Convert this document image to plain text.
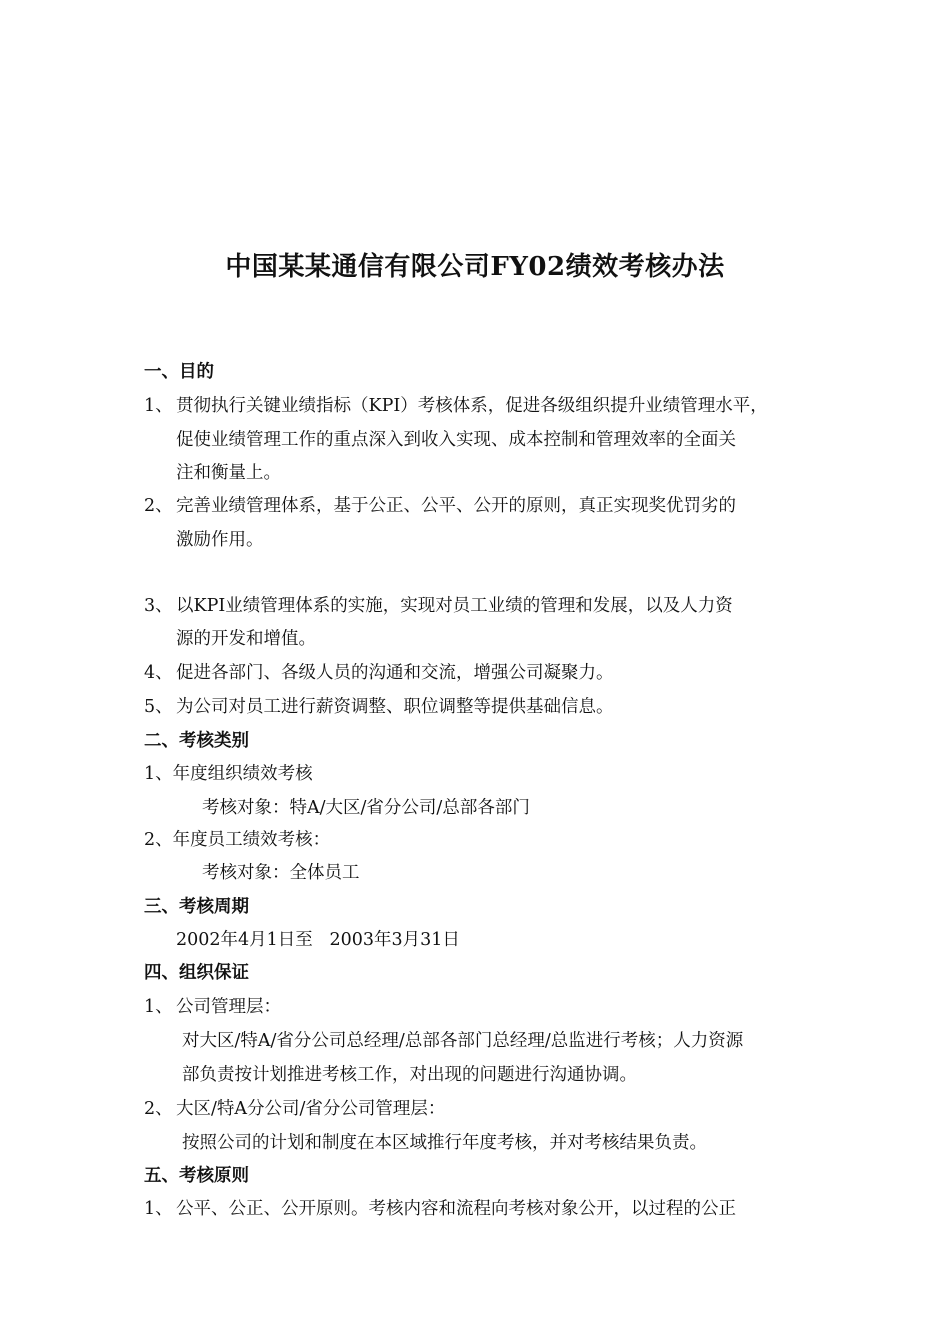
中国某某通信有限公司FY02绩效考核办法

一、目的

1、 贯彻执行关键业绩指标（KPI）考核体系，促进各级组织提升业绩管理水平，

促使业绩管理工作的重点深入到收入实现、成本控制和管理效率的全面关

注和衡量上。

2、 完善业绩管理体系，基于公正、公平、公开的原则，真正实现奖优罚劣的

激励作用。

3、 以KPI业绩管理体系的实施，实现对员工业绩的管理和发展，以及人力资

源的开发和增值。

4、 促进各部门、各级人员的沟通和交流，增强公司凝聚力。

5、 为公司对员工进行薪资调整、职位调整等提供基础信息。

二、考核类别

1、年度组织绩效考核

考核对象：特A/大区/省分公司/总部各部门

2、年度员工绩效考核：

考核对象：全体员工

三、考核周期

2002年4月1日至   2003年3月31日

四、组织保证

1、 公司管理层：

对大区/特A/省分公司总经理/总部各部门总经理/总监进行考核；人力资源

部负责按计划推进考核工作，对出现的问题进行沟通协调。

2、 大区/特A分公司/省分公司管理层：

按照公司的计划和制度在本区域推行年度考核，并对考核结果负责。

五、考核原则

1、 公平、公正、公开原则。考核内容和流程向考核对象公开，以过程的公正
